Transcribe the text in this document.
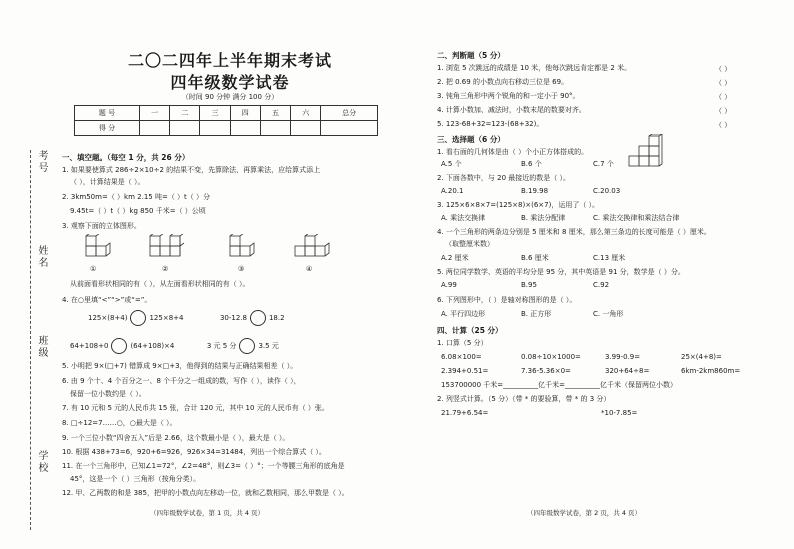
考号
姓名
班级
学校
二〇二四年上半年期末考试
四年级数学试卷
（时间 90 分钟 满分 100 分）
题 号	一	二	三	四	五	六	总分
得 分							
一、填空题。（每空 1 分，共 26 分）
1. 如果要使算式 286÷2×10÷2 的结果不变，先算除法，再算乘法，应给算式添上
（ ），计算结果是（ ）。
2. 3km50m=（ ）km 2.15 吨=（ ）t（ ）分
9.45t=（ ）t（ ）kg 850 千米=（ ）公顷
3. 观察下面的立体图形。
①	②	③	④
从前面看形状相同的有（ ），从左面看形状相同的有（ ）。
4. 在○里填“<”“>”或“=”。
125×(8+4)	125×8+4	30-12.8	18.2
64+108+0	(64+108)×4	3 元 5 分	3.5 元
5. 小明把 9×(□+7) 错算成 9×□+3，他得到的结果与正确结果相差（ ）。
6. 由 9 个十、4 个百分之一、8 个千分之一组成的数，写作（ ），读作（ ），
保留一位小数约是（ ）。
7. 有 10 元和 5 元的人民币共 15 张，合计 120 元，其中 10 元的人民币有（ ）张。
8. □÷12=7……○，○最大是（ ）。
9. 一个三位小数“四舍五入”后是 2.66，这个数最小是（ ），最大是（ ）。
10. 根据 438+73=6，920+6=926，926×34=31484，列出一个综合算式（ ）。
11. 在一个三角形中，已知∠1=72°，∠2=48°，则∠3=（ ）°；一个等腰三角形的底角是
45°，这是一个（ ）三角形（按角分类）。
12. 甲、乙两数的和是 385，把甲的小数点向左移动一位，就和乙数相同，那么甲数是（ ）。
（四年级数学试卷，第 1 页，共 4 页）
二、判断题（5 分）
1. 浏览 5 次跳远的成绩是 10 米，他每次跳远肯定都是 2 米。	（ ）
2. 把 0.69 的小数点向右移动三位是 69。	（ ）
3. 钝角三角形中两个锐角的和一定小于 90°。	（ ）
4. 计算小数加、减法时，小数末尾的数要对齐。	（ ）
5. 123-68+32=123-(68+32)。	（ ）
三、选择题（6 分）
1. 看右面的几何体是由（ ）个小正方体搭成的。
A.5 个	B.6 个	C.7 个
2. 下面各数中，与 20 最接近的数是（ ）。
A.20.1	B.19.98	C.20.03
3. 125×6×8×7=(125×8)×(6×7)，运用了（ ）。
A. 乘法交换律	B. 乘法分配律	C. 乘法交换律和乘法结合律
4. 一个三角形的两条边分别是 5 厘米和 8 厘米，那么第三条边的长度可能是（ ）厘米。
（取整厘米数）
A.2 厘米	B.6 厘米	C.13 厘米
5. 两位同学数学、英语的平均分是 95 分，其中英语是 91 分，数学是（ ）分。
A.99	B.95	C.92
6. 下列图形中，（ ）是轴对称图形的是（ ）。
A. 平行四边形	B. 正方形	C. 一角形
四、计算（25 分）
1. 口算（5 分）
6.08×100=	0.08÷10×1000=	3.99-0.9=	25×(4+8)=
2.394+0.51=	7.36-5.36×0=	320+64÷8=	6km-2km860m=
153700000 千米=__________亿千米=__________亿千米（保留两位小数）
2. 列竖式计算。（5 分）（带 * 的要验算，带 * 的 3 分）
21.79+6.54=	*10-7.85=
（四年级数学试卷，第 2 页，共 4 页）
